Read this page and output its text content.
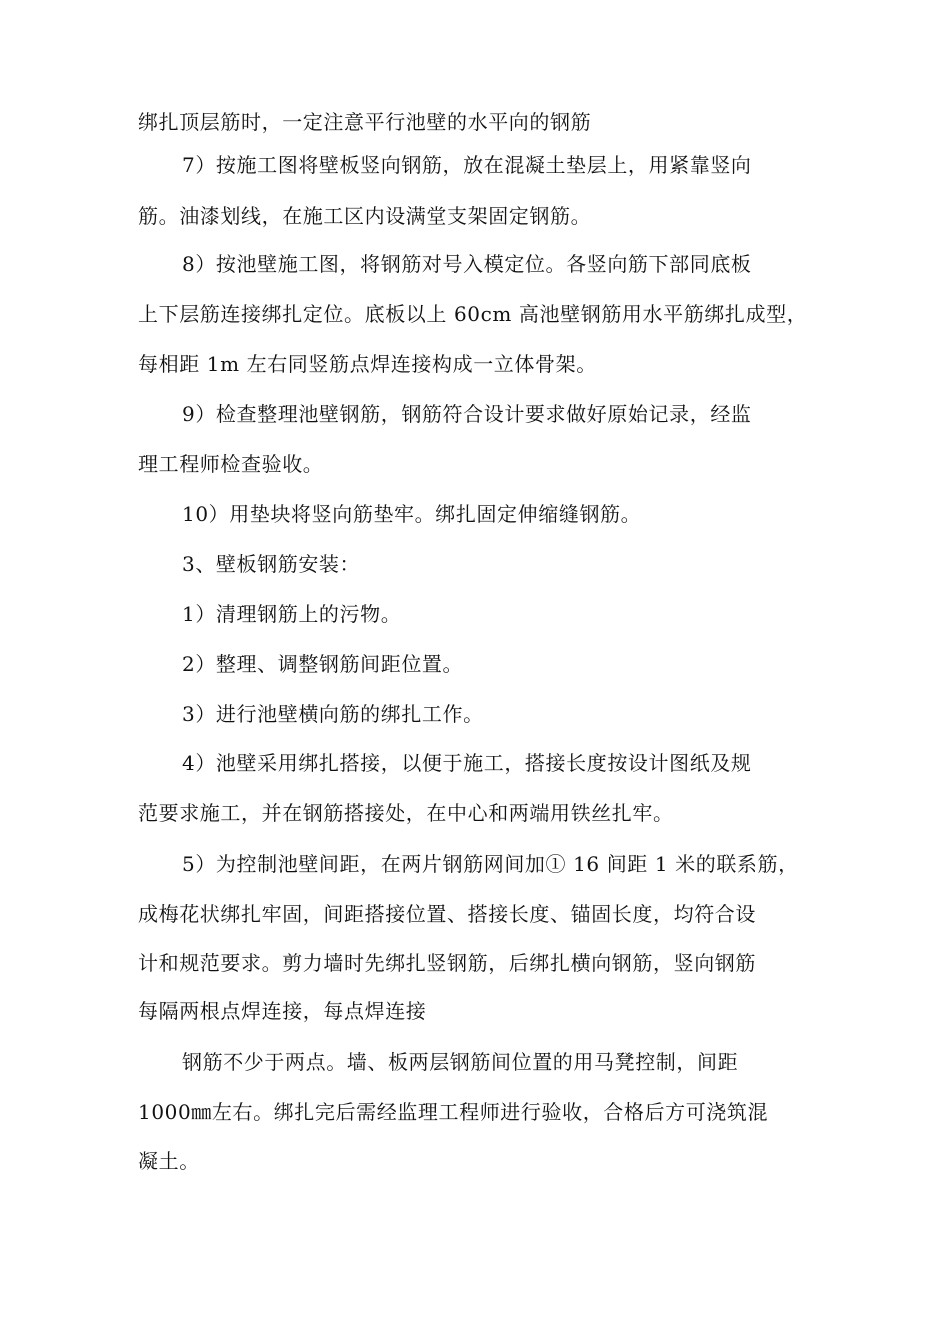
绑扎顶层筋时，一定注意平行池壁的水平向的钢筋
7）按施工图将壁板竖向钢筋，放在混凝土垫层上，用紧靠竖向
筋。油漆划线，在施工区内设满堂支架固定钢筋。
8）按池壁施工图，将钢筋对号入模定位。各竖向筋下部同底板
上下层筋连接绑扎定位。底板以上 60cm 高池壁钢筋用水平筋绑扎成型，
每相距 1m 左右同竖筋点焊连接构成一立体骨架。
9）检查整理池壁钢筋，钢筋符合设计要求做好原始记录，经监
理工程师检查验收。
10）用垫块将竖向筋垫牢。绑扎固定伸缩缝钢筋。
3、壁板钢筋安装：
1）清理钢筋上的污物。
2）整理、调整钢筋间距位置。
3）进行池壁横向筋的绑扎工作。
4）池壁采用绑扎搭接，以便于施工，搭接长度按设计图纸及规
范要求施工，并在钢筋搭接处，在中心和两端用铁丝扎牢。
5）为控制池壁间距，在两片钢筋网间加① 16 间距 1 米的联系筋，
成梅花状绑扎牢固，间距搭接位置、搭接长度、锚固长度，均符合设
计和规范要求。剪力墙时先绑扎竖钢筋，后绑扎横向钢筋，竖向钢筋
每隔两根点焊连接，每点焊连接
钢筋不少于两点。墙、板两层钢筋间位置的用马凳控制，间距
1000㎜左右。绑扎完后需经监理工程师进行验收，合格后方可浇筑混
凝土。
